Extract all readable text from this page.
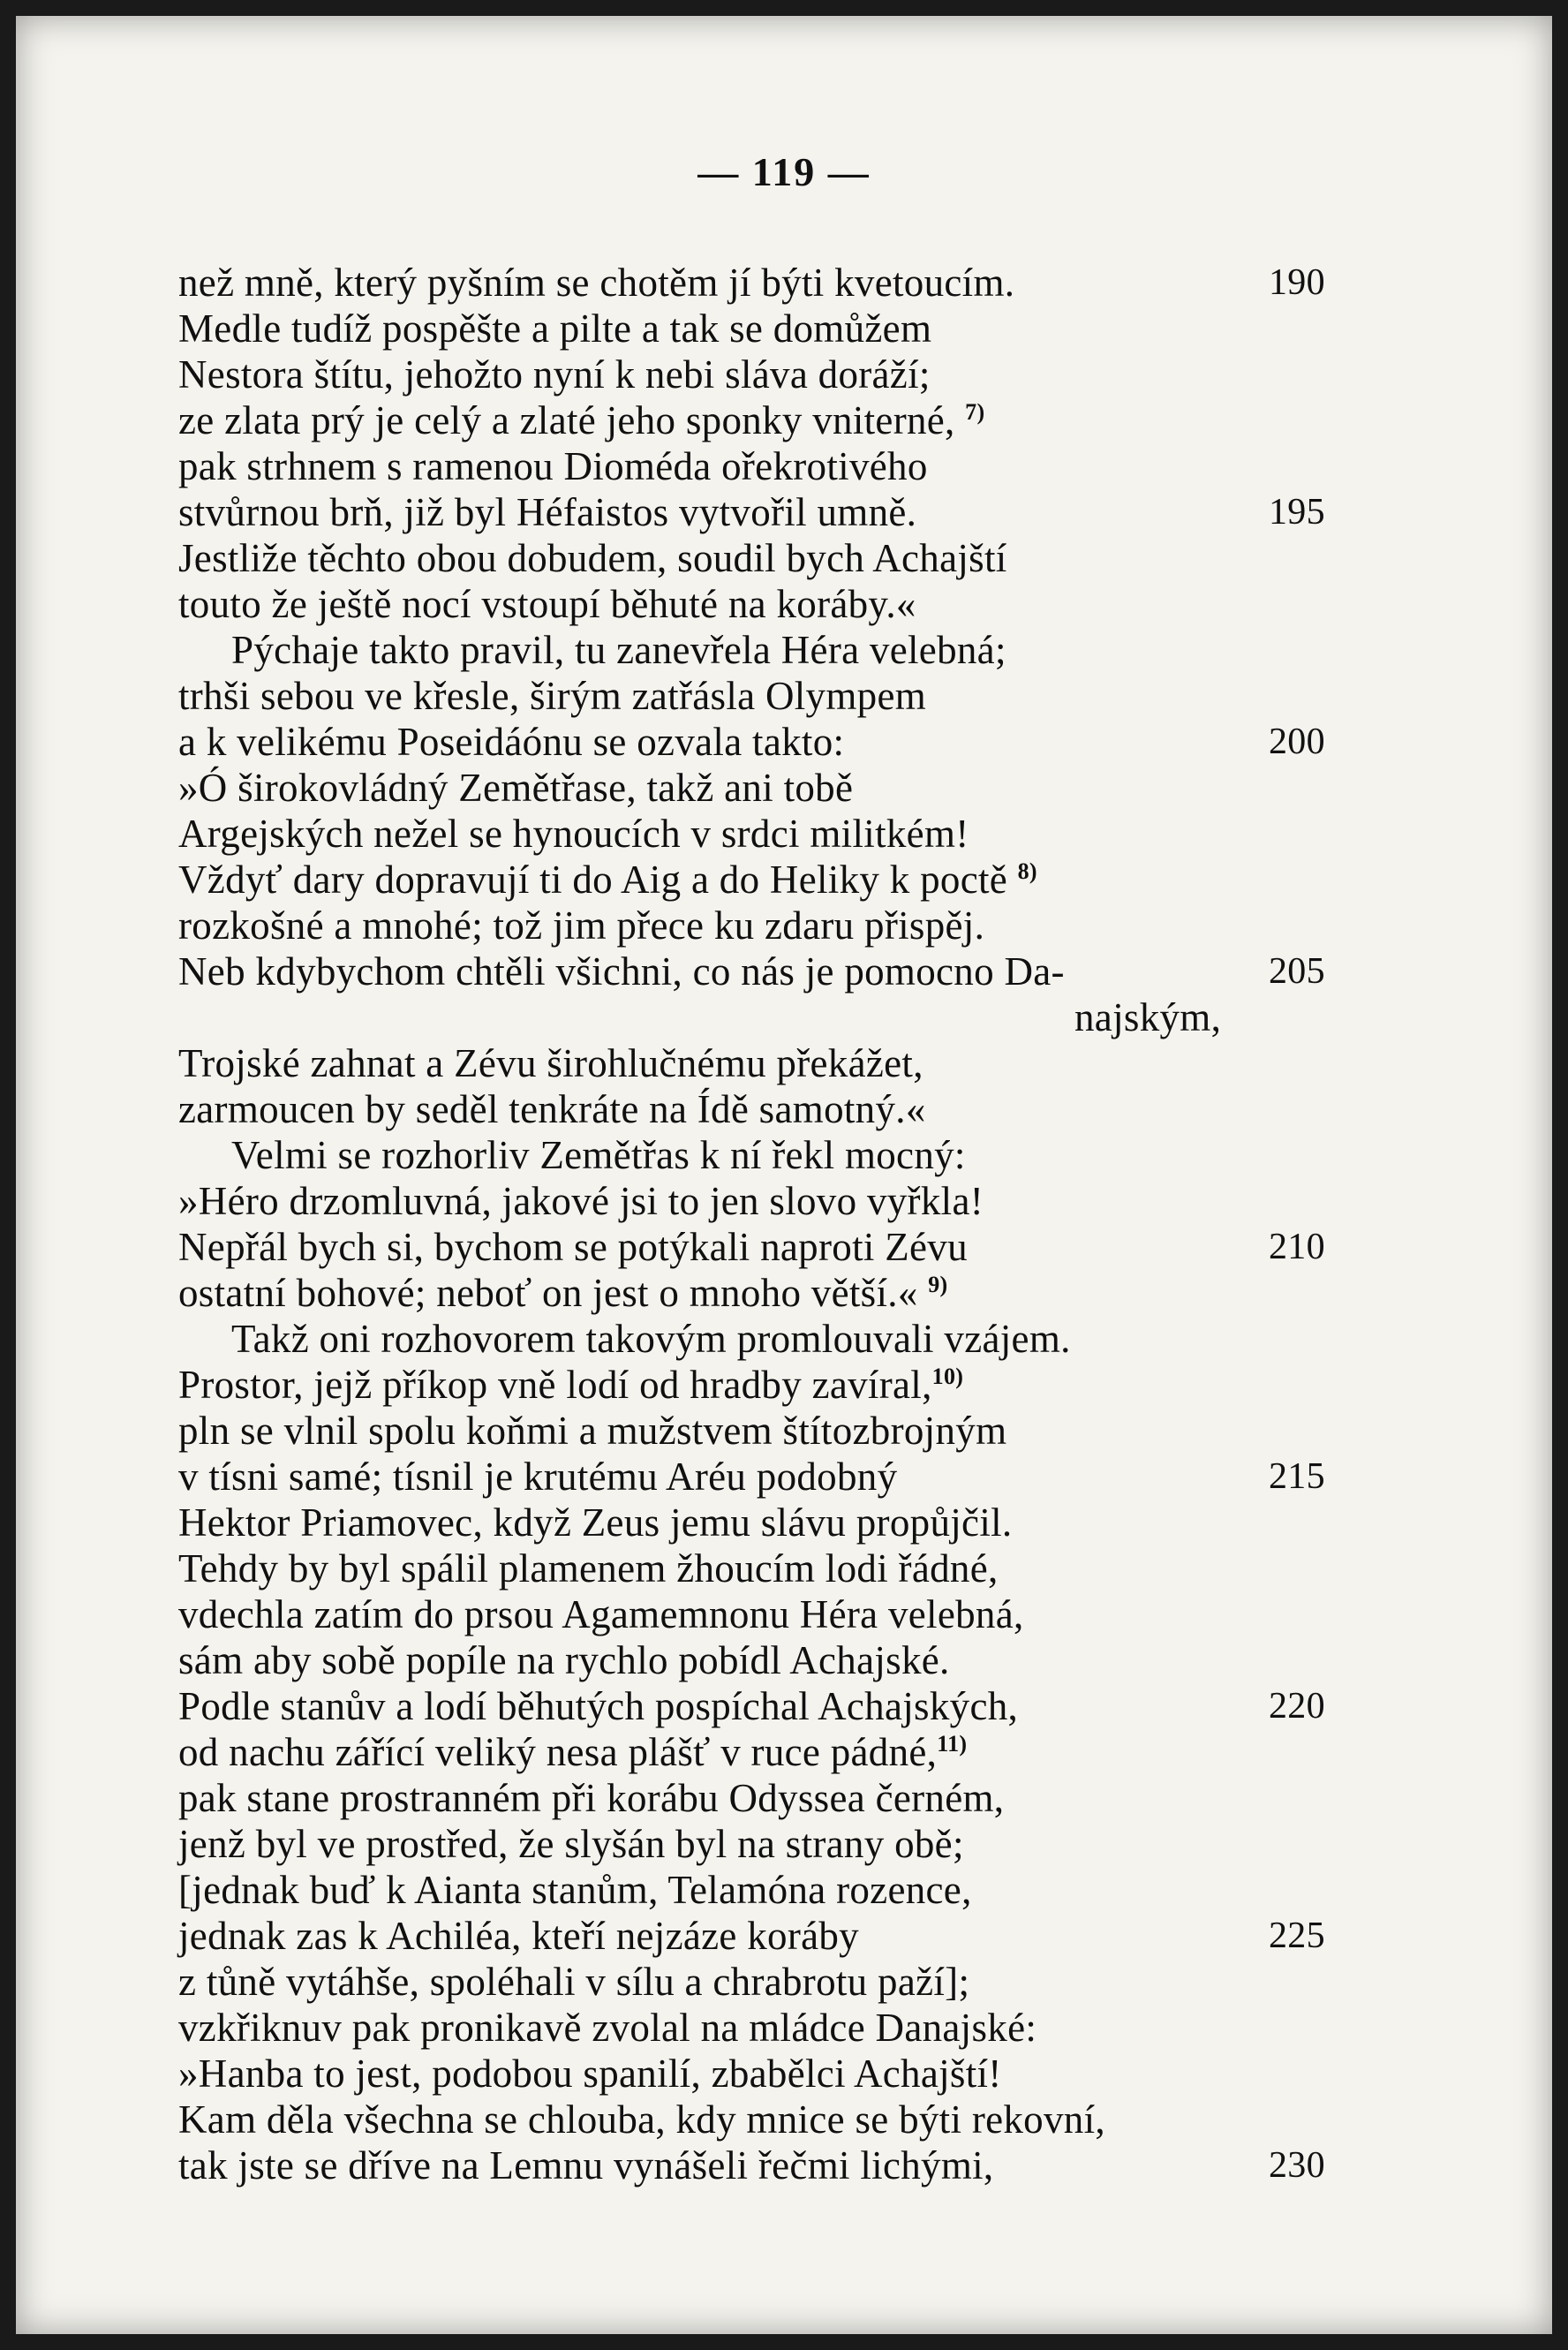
— 119 —
než mně, který pyšním se chotěm jí býti kvetoucím.	190
Medle tudíž pospěšte a pilte a tak se domůžem
Nestora štítu, jehožto nyní k nebi sláva doráží;
ze zlata prý je celý a zlaté jeho sponky vniterné, $^{7)}$
pak strhnem s ramenou Dioméda ořekrotivého
stvůrnou brň, již byl Héfaistos vytvořil umně.	195
Jestliže těchto obou dobudem, soudil bych Achajští
touto že ještě nocí vstoupí běhuté na koráby.«
Pýchaje takto pravil, tu zanevřela Héra velebná;
trhši sebou ve křesle, širým zatřásla Olympem
a k velikému Poseidáónu se ozvala takto:	200
»Ó širokovládný Zemětřase, takž ani tobě
Argejských nežel se hynoucích v srdci militkém!
Vždyť dary dopravují ti do Aig a do Heliky k poctě $^{8)}$
rozkošné a mnohé; tož jim přece ku zdaru přispěj.
Neb kdybychom chtěli všichni, co nás je pomocno Da-	205
najským,
Trojské zahnat a Zévu širohlučnému překážet,
zarmoucen by seděl tenkráte na Ídě samotný.«
Velmi se rozhorliv Zemětřas k ní řekl mocný:
»Héro drzomluvná, jakové jsi to jen slovo vyřkla!
Nepřál bych si, bychom se potýkali naproti Zévu	210
ostatní bohové; neboť on jest o mnoho větší.« $^{9)}$
Takž oni rozhovorem takovým promlouvali vzájem.
Prostor, jejž příkop vně lodí od hradby zavíral,$^{10)}$
pln se vlnil spolu koňmi a mužstvem štítozbrojným
v tísni samé; tísnil je krutému Aréu podobný	215
Hektor Priamovec, když Zeus jemu slávu propůjčil.
Tehdy by byl spálil plamenem žhoucím lodi řádné,
vdechla zatím do prsou Agamemnonu Héra velebná,
sám aby sobě popíle na rychlo pobídl Achajské.
Podle stanův a lodí běhutých pospíchal Achajských,	220
od nachu zářící veliký nesa plášť v ruce pádné,$^{11)}$
pak stane prostranném při korábu Odyssea černém,
jenž byl ve prostřed, že slyšán byl na strany obě;
[jednak buď k Aianta stanům, Telamóna rozence,
jednak zas k Achiléa, kteří nejzáze koráby	225
z tůně vytáhše, spoléhali v sílu a chrabrotu paží];
vzkřiknuv pak pronikavě zvolal na mládce Danajské:
»Hanba to jest, podobou spanilí, zbabělci Achajští!
Kam děla všechna se chlouba, kdy mnice se býti rekovní,
tak jste se dříve na Lemnu vynášeli řečmi lichými,	230
